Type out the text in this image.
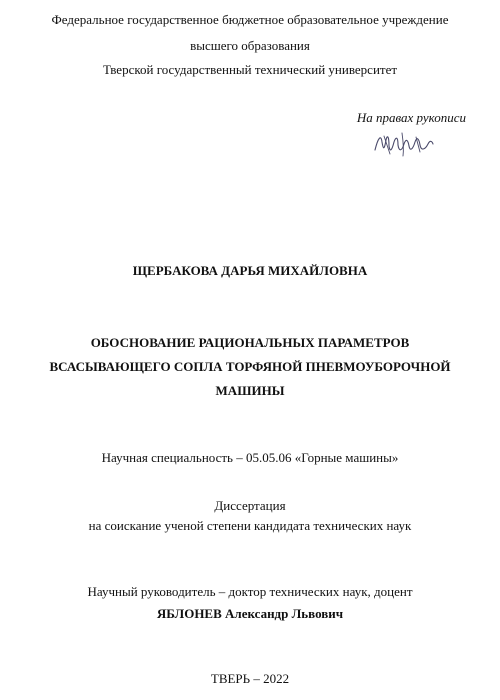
Федеральное государственное бюджетное образовательное учреждение
высшего образования
Тверской государственный технический университет
На правах рукописи
ЩЕРБАКОВА ДАРЬЯ МИХАЙЛОВНА
ОБОСНОВАНИЕ РАЦИОНАЛЬНЫХ ПАРАМЕТРОВ
ВСАСЫВАЮЩЕГО СОПЛА ТОРФЯНОЙ ПНЕВМОУБОРОЧНОЙ
МАШИНЫ
Научная специальность – 05.05.06 «Горные машины»
Диссертация
на соискание ученой степени кандидата технических наук
Научный руководитель – доктор технических наук, доцент
ЯБЛОНЕВ Александр Львович
ТВЕРЬ – 2022
